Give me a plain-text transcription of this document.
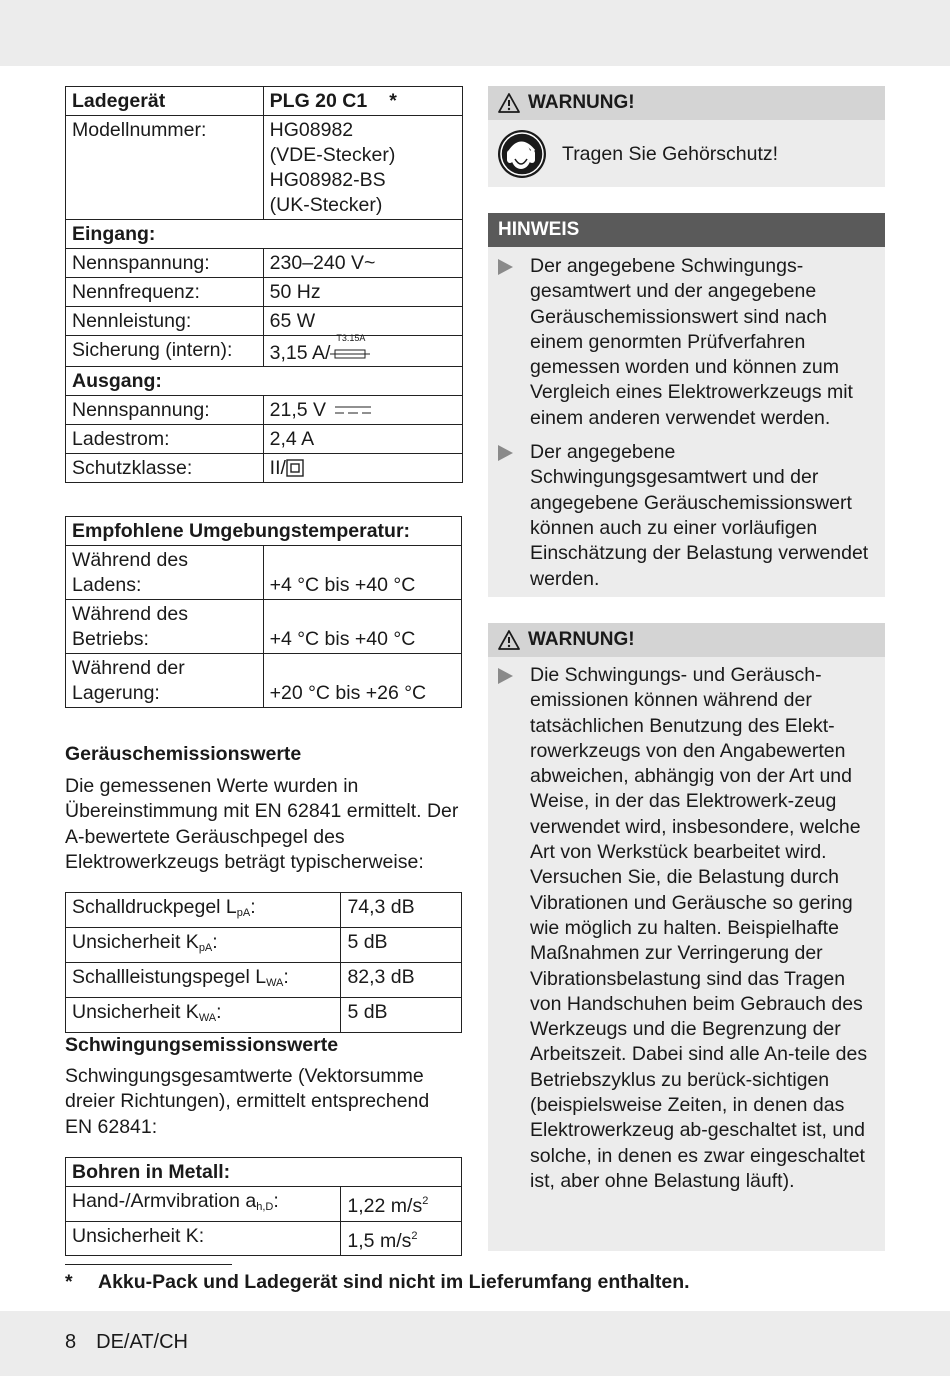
Ladegerät	PLG 20 C1 *
Modellnummer:	HG08982
(VDE-Stecker)
HG08982-BS
(UK-Stecker)

Eingang:	
Nennspannung:	230–240 V~
Nennfrequenz:	50 Hz
Nennleistung:	65 W
Sicherung (intern):	3,15 A/
T3.15A

Ausgang:	
Nennspannung:	21,5 V
Ladestrom:	2,4 A
Schutzklasse:	II/
Empfohlene Umgebungstemperatur:	

Während des
Ladens:	+4 °C bis +40 °C

Während des
Betriebs:	+4 °C bis +40 °C

Während der
Lagerung:	+20 °C bis +26 °C
Geräuschemissionswerte
Die gemessenen Werte wurden in Übereinstimmung mit EN 62841 ermittelt. Der A-bewertete Geräuschpegel des Elektrowerkzeugs beträgt typischerweise:
Schalldruckpegel $L_{pA}$:	74,3 dB
Unsicherheit $K_{pA}$:	5 dB
Schallleistungspegel $L_{WA}$:	82,3 dB
Unsicherheit $K_{WA}$:	5 dB
Schwingungsemissionswerte
Schwingungsgesamtwerte (Vektorsumme dreier Richtungen), ermittelt entsprechend EN 62841:
Bohren in Metall:	
Hand-/Armvibration $a_{h,D}$:	1,22 $m/s^2$
Unsicherheit K:	1,5 $m/s^2$
WARNUNG!
Tragen Sie Gehörschutz!
HINWEIS
Der angegebene Schwingungs-gesamtwert und der angegebene Geräuschemissionswert sind nach einem genormten Prüfverfahren gemessen worden und können zum Vergleich eines Elektrowerkzeugs mit einem anderen verwendet werden.
Der angegebene Schwingungsgesamtwert und der angegebene Geräuschemissionswert können auch zu einer vorläufigen Einschätzung der Belastung verwendet werden.
WARNUNG!
Die Schwingungs- und Geräusch-emissionen können während der tatsächlichen Benutzung des Elekt-rowerkzeugs von den Angabewerten abweichen, abhängig von der Art und Weise, in der das Elektrowerk-zeug verwendet wird, insbesondere, welche Art von Werkstück bearbeitet wird.
Versuchen Sie, die Belastung durch Vibrationen und Geräusche so gering wie möglich zu halten. Beispielhafte Maßnahmen zur Verringerung der Vibrationsbelastung sind das Tragen von Handschuhen beim Gebrauch des Werkzeugs und die Begrenzung der Arbeitszeit. Dabei sind alle An-teile des Betriebszyklus zu berück-sichtigen (beispielsweise Zeiten, in denen das Elektrowerkzeug ab-geschaltet ist, und solche, in denen es zwar eingeschaltet ist, aber ohne Belastung läuft).
* Akku-Pack und Ladegerät sind nicht im Lieferumfang enthalten.
8 DE/AT/CH
